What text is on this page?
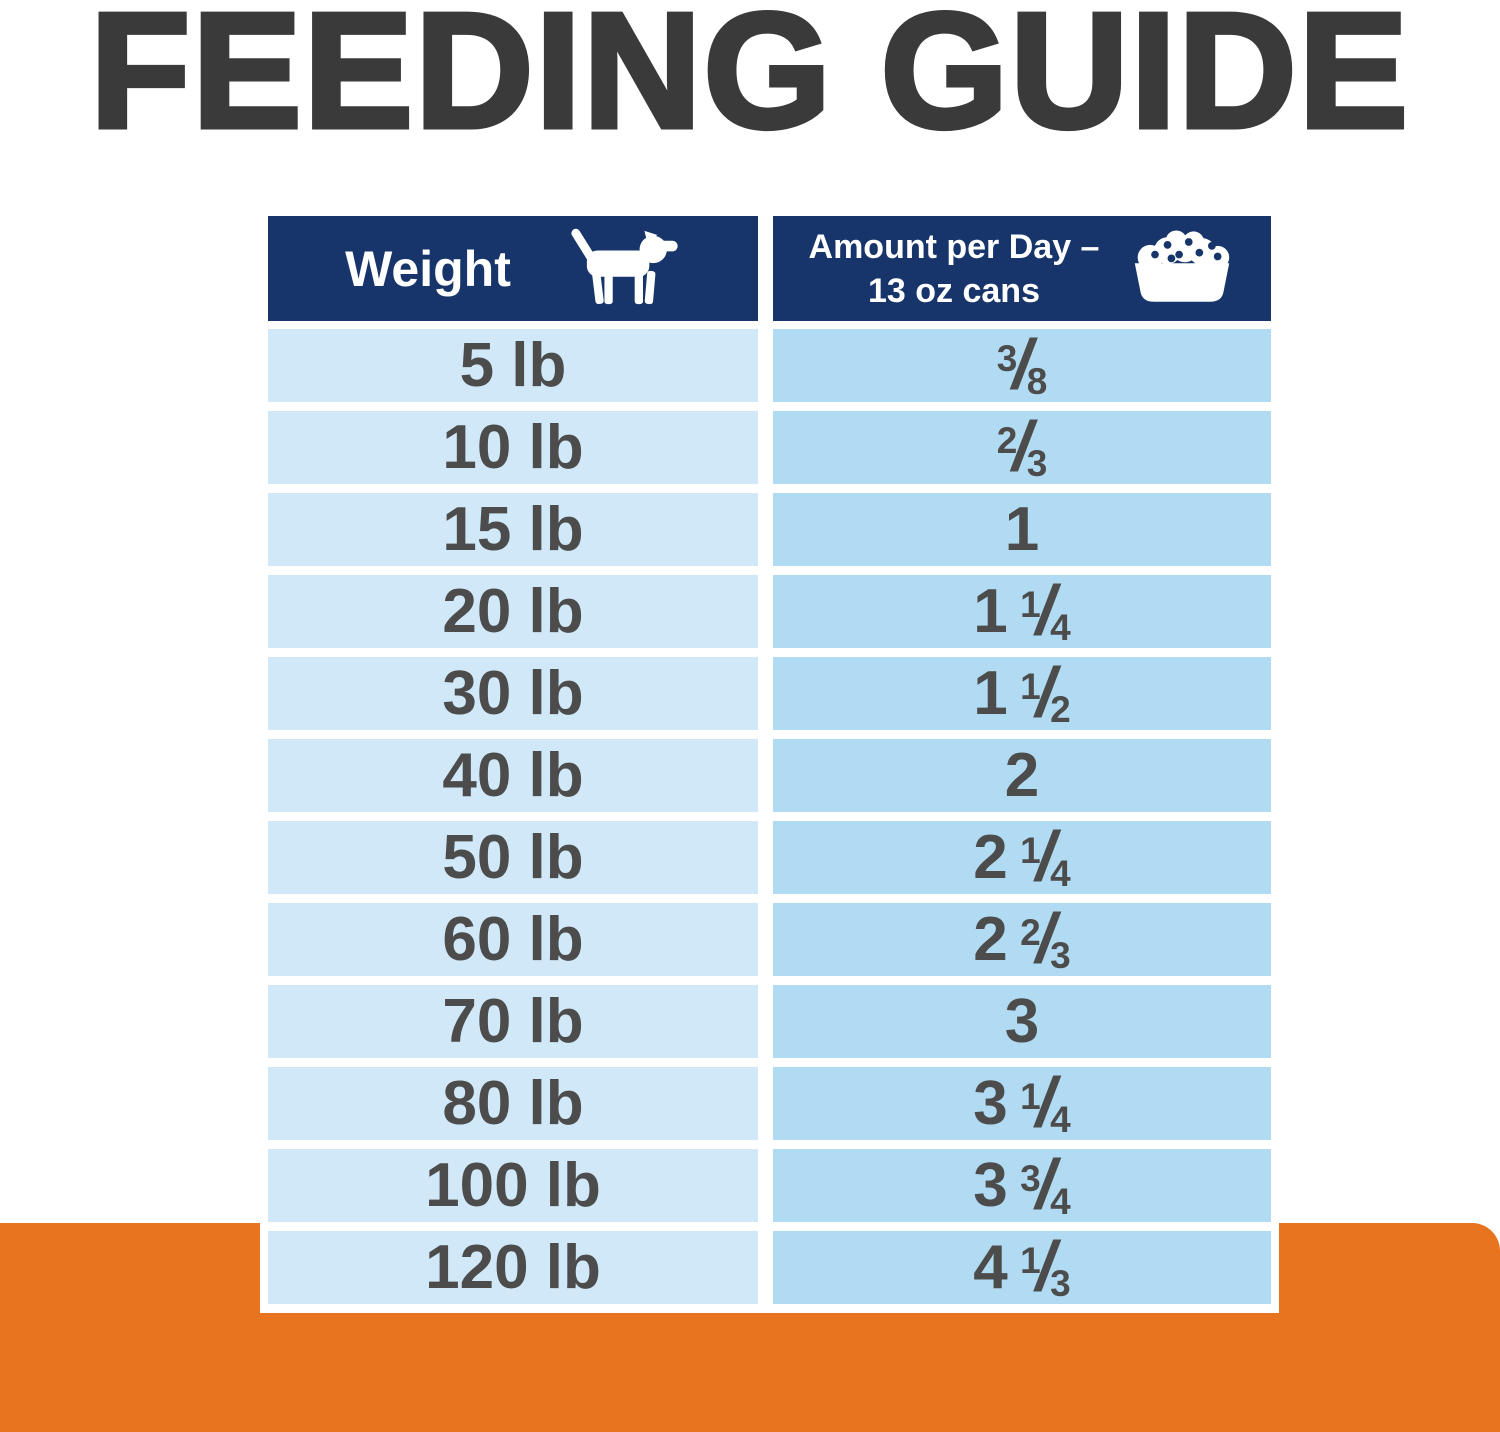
FEEDING GUIDE
Weight	Amount per Day –
13 oz cans
5 lb	$^3$/8
10 lb	$^2$/3
15 lb	1
20 lb	1 $^1$/4
30 lb	1 $^1$/2
40 lb	2
50 lb	2 $^1$/4
60 lb	2 $^2$/3
70 lb	3
80 lb	3 $^1$/4
100 lb	3 $^3$/4
120 lb	4 $^1$/3
